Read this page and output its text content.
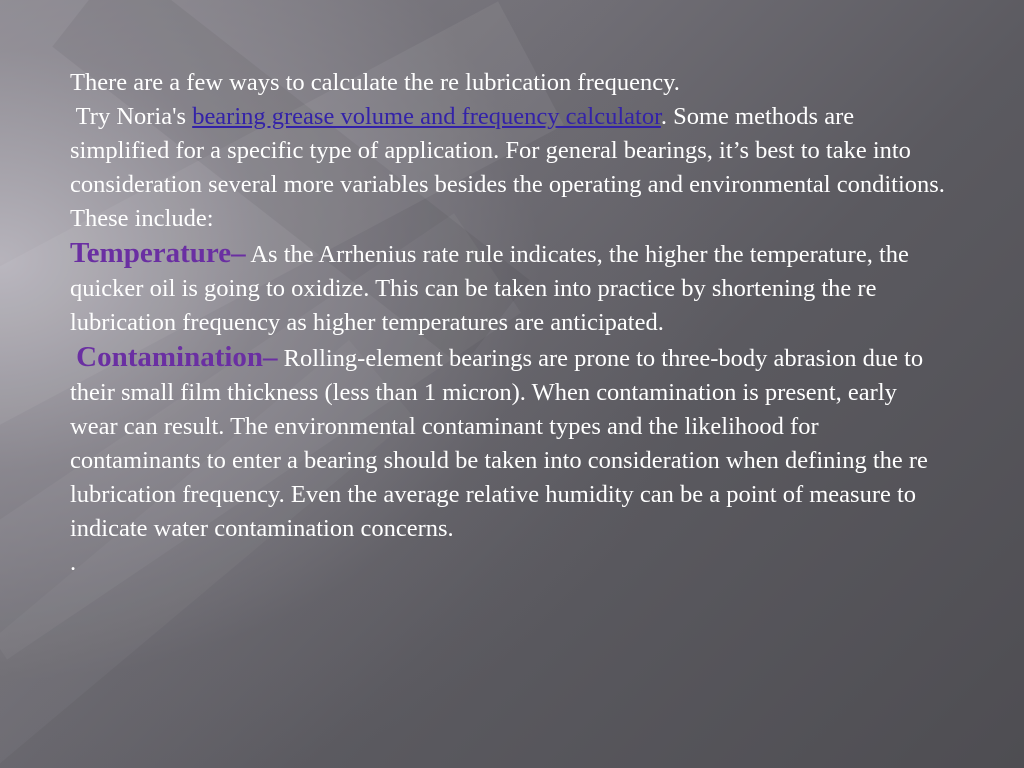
There are a few ways to calculate the re lubrication frequency.

Try Noria's bearing grease volume and frequency calculator. Some methods are simplified for a specific type of application. For general bearings, it’s best to take into consideration several more variables besides the operating and environmental conditions. These include:

Temperature– As the Arrhenius rate rule indicates, the higher the temperature, the quicker oil is going to oxidize. This can be taken into practice by shortening the re lubrication frequency as higher temperatures are anticipated.

Contamination– Rolling-element bearings are prone to three-body abrasion due to their small film thickness (less than 1 micron). When contamination is present, early wear can result. The environmental contaminant types and the likelihood for contaminants to enter a bearing should be taken into consideration when defining the re lubrication frequency. Even the average relative humidity can be a point of measure to indicate water contamination concerns.

.
